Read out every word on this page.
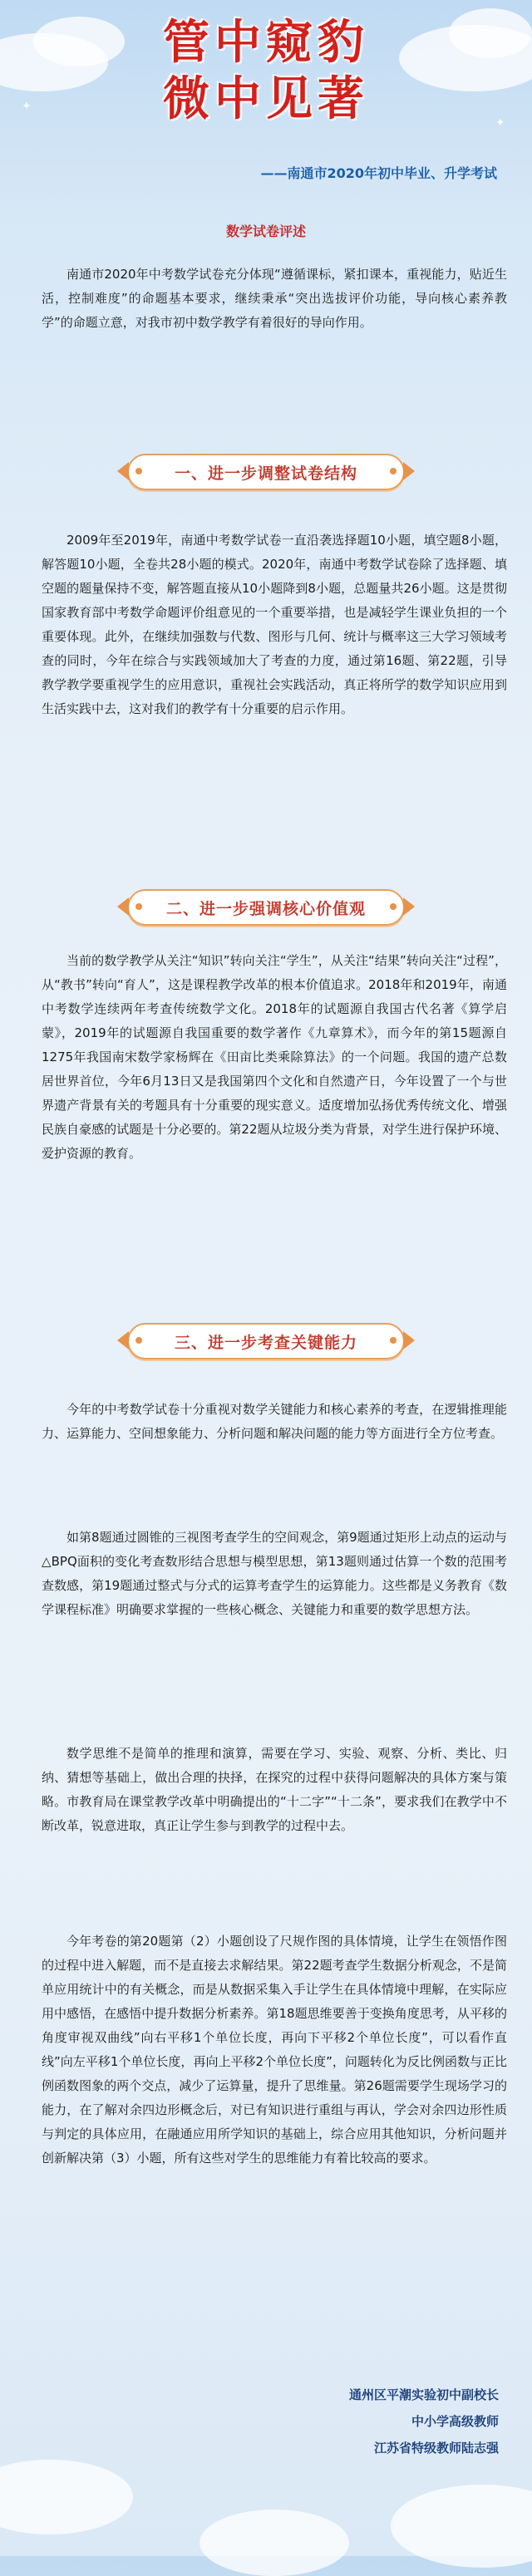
✦
✦
管中窥豹
微中见著
——南通市2020年初中毕业、升学考试
数学试卷评述
南通市2020年中考数学试卷充分体现“遵循课标，紧扣课本，重视能力，贴近生活，控制难度”的命题基本要求，继续秉承“突出选拔评价功能，导向核心素养教学”的命题立意，对我市初中数学教学有着很好的导向作用。
一、进一步调整试卷结构
2009年至2019年，南通中考数学试卷一直沿袭选择题10小题，填空题8小题，解答题10小题，全卷共28小题的模式。2020年，南通中考数学试卷除了选择题、填空题的题量保持不变，解答题直接从10小题降到8小题，总题量共26小题。这是贯彻国家教育部中考数学命题评价组意见的一个重要举措，也是减轻学生课业负担的一个重要体现。此外，在继续加强数与代数、图形与几何、统计与概率这三大学习领域考查的同时，今年在综合与实践领域加大了考查的力度，通过第16题、第22题，引导教学教学要重视学生的应用意识，重视社会实践活动，真正将所学的数学知识应用到生活实践中去，这对我们的教学有十分重要的启示作用。
二、进一步强调核心价值观
当前的数学教学从关注“知识”转向关注“学生”，从关注“结果”转向关注“过程”，从“教书”转向“育人”，这是课程教学改革的根本价值追求。2018年和2019年，南通中考数学连续两年考查传统数学文化。2018年的试题源自我国古代名著《算学启蒙》，2019年的试题源自我国重要的数学著作《九章算术》，而今年的第15题源自1275年我国南宋数学家杨辉在《田亩比类乘除算法》的一个问题。我国的遗产总数居世界首位，今年6月13日又是我国第四个文化和自然遗产日，今年设置了一个与世界遗产背景有关的考题具有十分重要的现实意义。适度增加弘扬优秀传统文化、增强民族自豪感的试题是十分必要的。第22题从垃圾分类为背景，对学生进行保护环境、爱护资源的教育。
三、进一步考查关键能力
今年的中考数学试卷十分重视对数学关键能力和核心素养的考查，在逻辑推理能力、运算能力、空间想象能力、分析问题和解决问题的能力等方面进行全方位考查。
如第8题通过圆锥的三视图考查学生的空间观念，第9题通过矩形上动点的运动与△BPQ面积的变化考查数形结合思想与模型思想，第13题则通过估算一个数的范围考查数感，第19题通过整式与分式的运算考查学生的运算能力。这些都是义务教育《数学课程标准》明确要求掌握的一些核心概念、关键能力和重要的数学思想方法。
数学思维不是简单的推理和演算，需要在学习、实验、观察、分析、类比、归纳、猜想等基础上，做出合理的抉择，在探究的过程中获得问题解决的具体方案与策略。市教育局在课堂教学改革中明确提出的“十二字”“十二条”，要求我们在教学中不断改革，锐意进取，真正让学生参与到教学的过程中去。
今年考卷的第20题第（2）小题创设了尺规作图的具体情境，让学生在领悟作图的过程中进入解题，而不是直接去求解结果。第22题考查学生数据分析观念，不是简单应用统计中的有关概念，而是从数据采集入手让学生在具体情境中理解，在实际应用中感悟，在感悟中提升数据分析素养。第18题思维要善于变换角度思考，从平移的角度审视双曲线”向右平移1个单位长度，再向下平移2个单位长度”，可以看作直线”向左平移1个单位长度，再向上平移2个单位长度”，问题转化为反比例函数与正比例函数图象的两个交点，减少了运算量，提升了思维量。第26题需要学生现场学习的能力，在了解对余四边形概念后，对已有知识进行重组与再认，学会对余四边形性质与判定的具体应用，在融通应用所学知识的基础上，综合应用其他知识，分析问题并创新解决第（3）小题，所有这些对学生的思维能力有着比较高的要求。
通州区平潮实验初中副校长
中小学高级教师
江苏省特级教师陆志强
